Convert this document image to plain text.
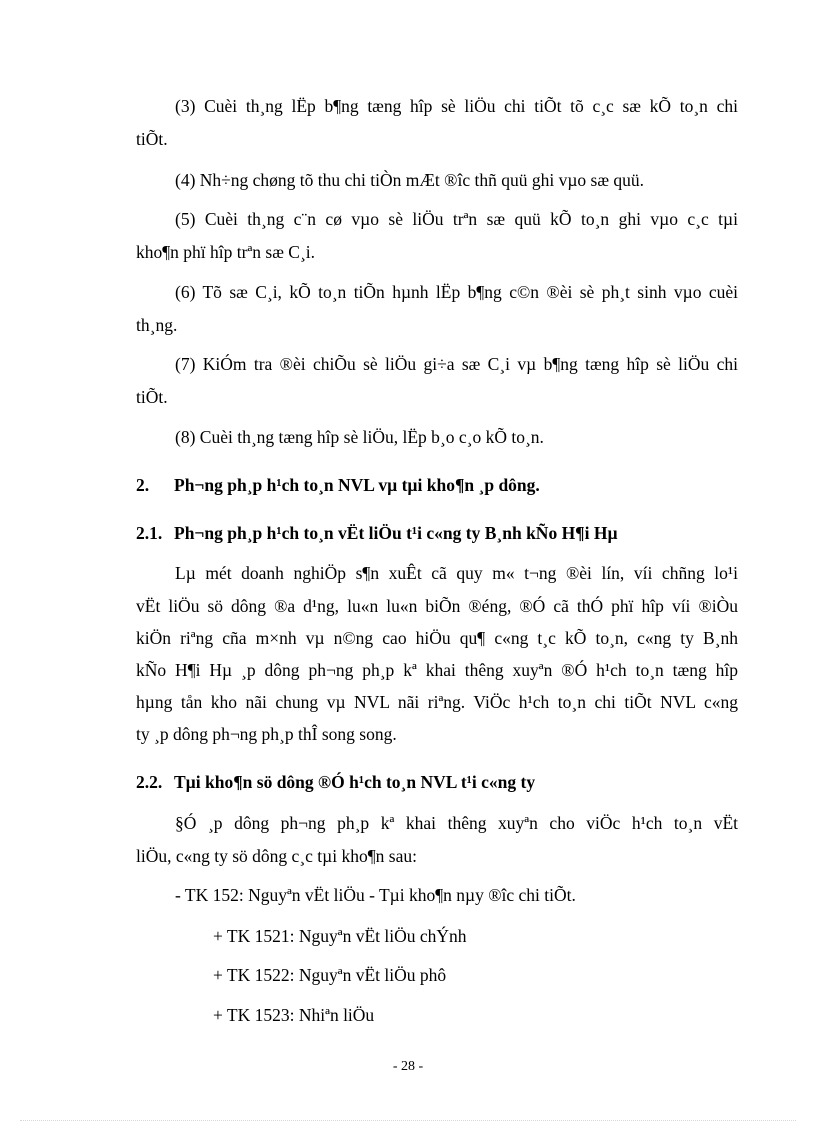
(3) Cuèi th¸ng lËp b¶ng tæng hîp sè liÖu chi tiÕt tõ c¸c sæ kÕ to¸n chi
tiÕt.
(4) Nh÷ng chøng tõ thu chi tiÒn mÆt ®îc thñ quü ghi vµo sæ quü.
(5) Cuèi th¸ng c¨n cø vµo sè liÖu trªn sæ quü kÕ to¸n ghi vµo c¸c tµi
kho¶n phï hîp trªn sæ C¸i.
(6) Tõ sæ C¸i, kÕ to¸n tiÕn hµnh lËp b¶ng c©n ®èi sè ph¸t sinh vµo cuèi
th¸ng.
(7) KiÓm tra ®èi chiÕu sè liÖu gi÷a sæ C¸i vµ b¶ng tæng hîp sè liÖu chi
tiÕt.
(8) Cuèi th¸ng tæng hîp sè liÖu, lËp b¸o c¸o kÕ to¸n.
2. Ph¬ng ph¸p h¹ch to¸n NVL vµ tµi kho¶n ¸p dông.
2.1. Ph¬ng ph¸p h¹ch to¸n vËt liÖu t¹i c«ng ty B¸nh kÑo H¶i Hµ
Lµ mét doanh nghiÖp s¶n xuÊt cã quy m« t¬ng ®èi lín, víi chñng lo¹i
vËt liÖu sö dông ®a d¹ng, lu«n lu«n biÕn ®éng, ®Ó cã thÓ phï hîp víi ®iÒu
kiÖn riªng cña m×nh vµ n©ng cao hiÖu qu¶ c«ng t¸c kÕ to¸n, c«ng ty B¸nh
kÑo H¶i Hµ ¸p dông ph¬ng ph¸p kª khai thêng xuyªn ®Ó h¹ch to¸n tæng hîp
hµng tån kho nãi chung vµ NVL nãi riªng. ViÖc h¹ch to¸n chi tiÕt NVL c«ng
ty ¸p dông ph¬ng ph¸p thÎ song song.
2.2. Tµi kho¶n sö dông ®Ó h¹ch to¸n NVL t¹i c«ng ty
§Ó ¸p dông ph¬ng ph¸p kª khai thêng xuyªn cho viÖc h¹ch to¸n vËt
liÖu, c«ng ty sö dông c¸c tµi kho¶n sau:
- TK 152: Nguyªn vËt liÖu - Tµi kho¶n nµy ®îc chi tiÕt.
+ TK 1521: Nguyªn vËt liÖu chÝnh
+ TK 1522: Nguyªn vËt liÖu phô
+ TK 1523: Nhiªn liÖu
- 28 -
